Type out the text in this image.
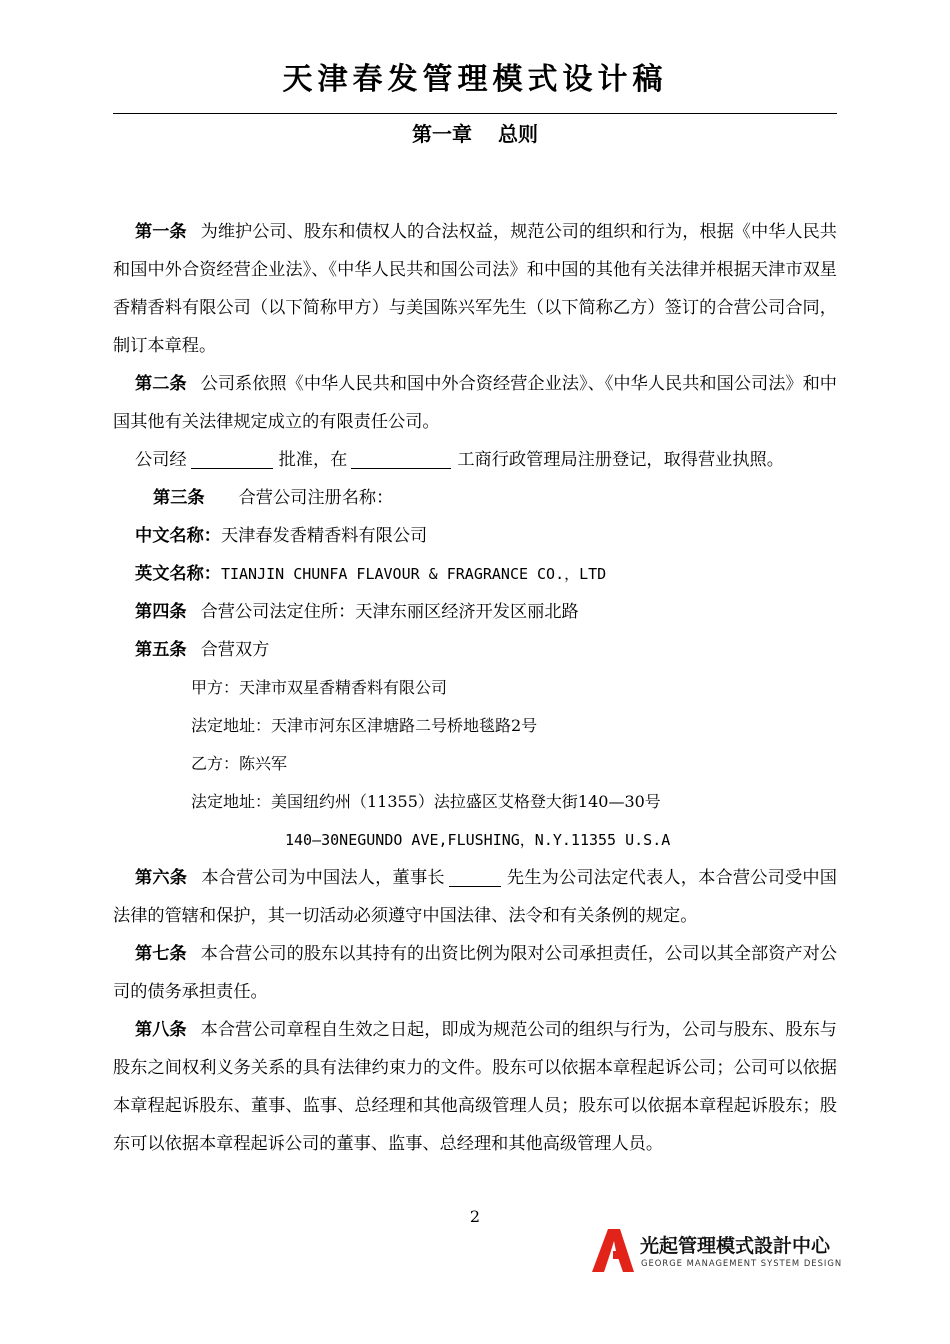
天津春发管理模式设计稿
第一章 总则

第一条 为维护公司、股东和债权人的合法权益，规范公司的组织和行为，根据《中华人民共和国中外合资经营企业法》、《中华人民共和国公司法》和中国的其他有关法律并根据天津市双星香精香料有限公司（以下简称甲方）与美国陈兴军先生（以下简称乙方）签订的合营公司合同，制订本章程。

第二条 公司系依照《中华人民共和国中外合资经营企业法》、《中华人民共和国公司法》和中国其他有关法律规定成立的有限责任公司。

公司经	批准，在	工商行政管理局注册登记，取得营业执照。

第三条 合营公司注册名称：

中文名称：天津春发香精香料有限公司

英文名称：TIANJIN CHUNFA FLAVOUR & FRAGRANCE CO.，LTD

第四条 合营公司法定住所：天津东丽区经济开发区丽北路

第五条 合营双方

甲方：天津市双星香精香料有限公司

法定地址：天津市河东区津塘路二号桥地毯路2号

乙方：陈兴军

法定地址：美国纽约州（11355）法拉盛区艾格登大街140—30号

140—30NEGUNDO AVE,FLUSHING，N.Y.11355 U.S.A

第六条 本合营公司为中国法人，董事长	先生为公司法定代表人，本合营公司受中国法律的管辖和保护，其一切活动必须遵守中国法律、法令和有关条例的规定。

第七条 本合营公司的股东以其持有的出资比例为限对公司承担责任，公司以其全部资产对公司的债务承担责任。

第八条 本合营公司章程自生效之日起，即成为规范公司的组织与行为，公司与股东、股东与股东之间权利义务关系的具有法律约束力的文件。股东可以依据本章程起诉公司；公司可以依据本章程起诉股东、董事、监事、总经理和其他高级管理人员；股东可以依据本章程起诉股东；股东可以依据本章程起诉公司的董事、监事、总经理和其他高级管理人员。

2
光起管理模式設計中心
GEORGE MANAGEMENT SYSTEM DESIGN
